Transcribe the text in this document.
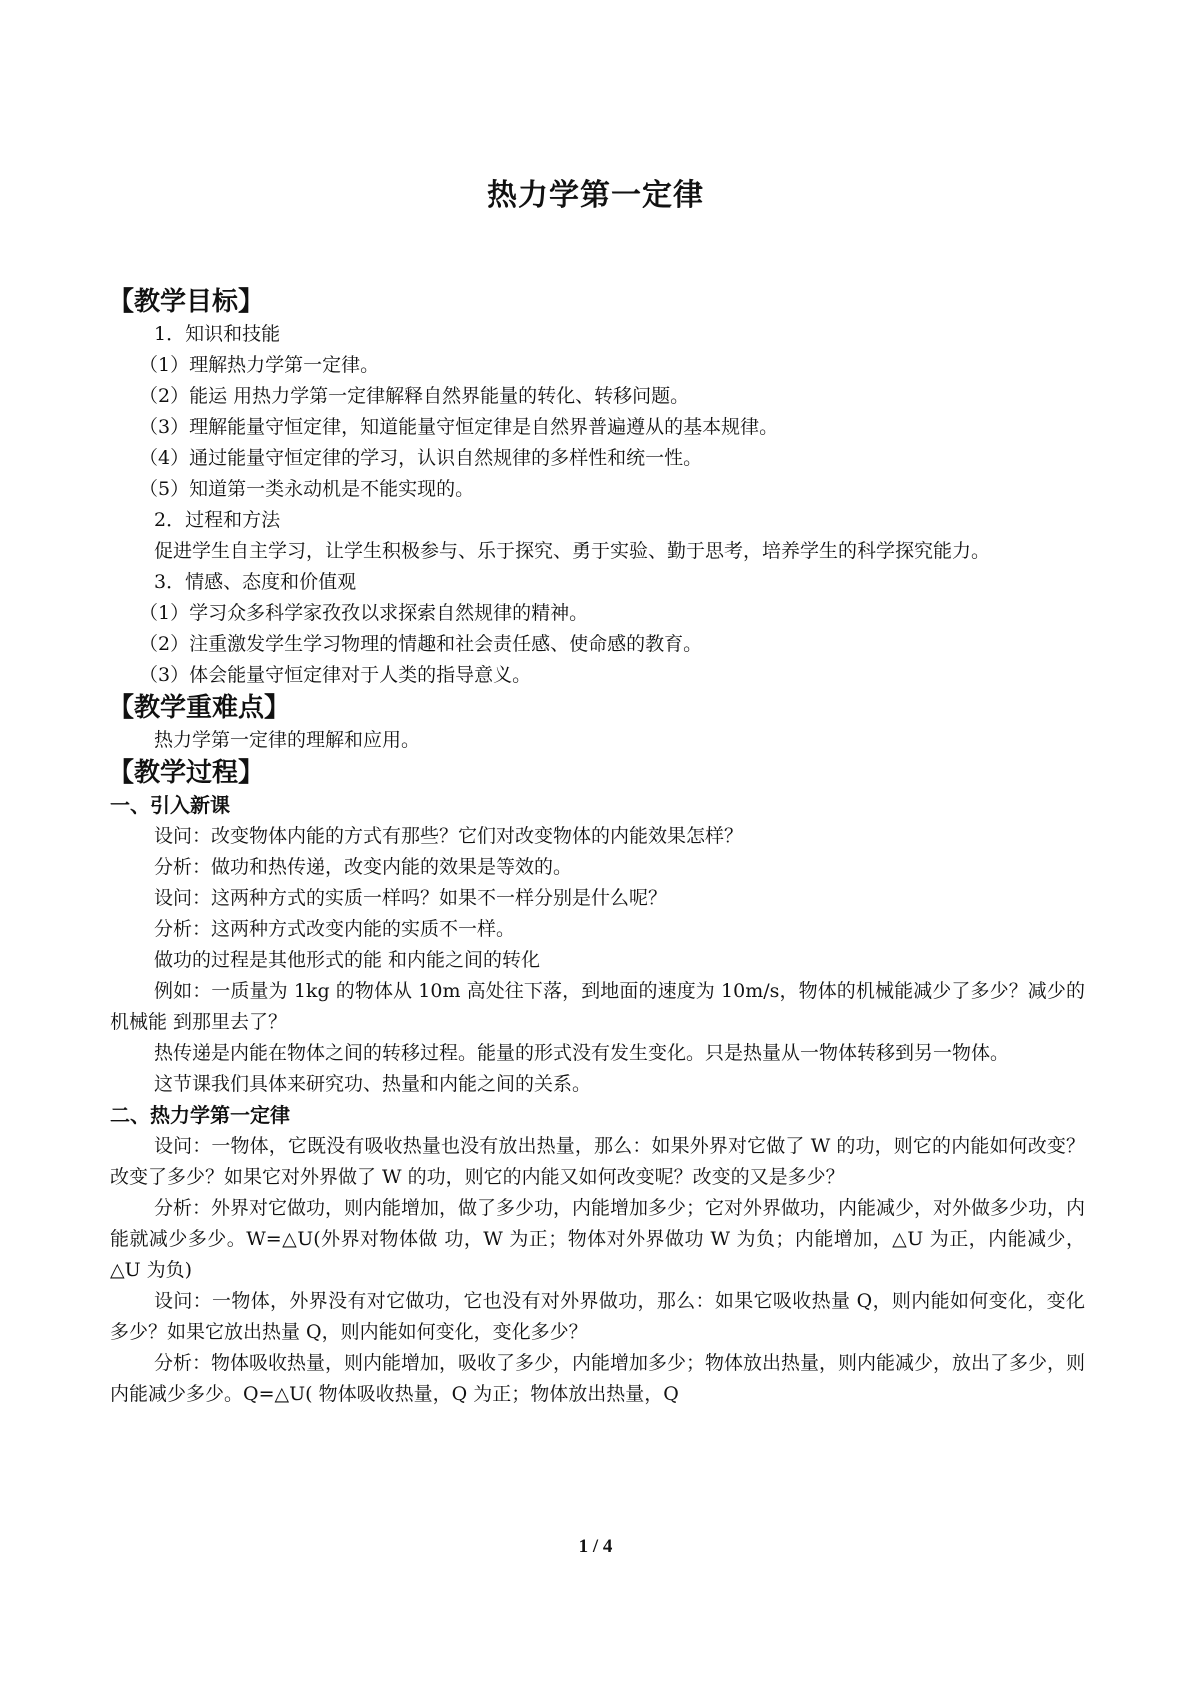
热力学第一定律
【教学目标】
1．知识和技能
（1）理解热力学第一定律。
（2）能运 用热力学第一定律解释自然界能量的转化、转移问题。
（3）理解能量守恒定律，知道能量守恒定律是自然界普遍遵从的基本规律。
（4）通过能量守恒定律的学习，认识自然规律的多样性和统一性。
（5）知道第一类永动机是不能实现的。
2．过程和方法
促进学生自主学习，让学生积极参与、乐于探究、勇于实验、勤于思考，培养学生的科学探究能力。
3．情感、态度和价值观
（1）学习众多科学家孜孜以求探索自然规律的精神。
（2）注重激发学生学习物理的情趣和社会责任感、使命感的教育。
（3）体会能量守恒定律对于人类的指导意义。
【教学重难点】
热力学第一定律的理解和应用。
【教学过程】
一、引入新课
设问：改变物体内能的方式有那些？它们对改变物体的内能效果怎样？
分析：做功和热传递，改变内能的效果是等效的。
设问：这两种方式的实质一样吗？如果不一样分别是什么呢？
分析：这两种方式改变内能的实质不一样。
做功的过程是其他形式的能 和内能之间的转化
例如：一质量为 1kg 的物体从 10m 高处往下落，到地面的速度为 10m/s，物体的机械能减少了多少？减少的机械能 到那里去了？
热传递是内能在物体之间的转移过程。能量的形式没有发生变化。只是热量从一物体转移到另一物体。
这节课我们具体来研究功、热量和内能之间的关系。
二、热力学第一定律
设问：一物体，它既没有吸收热量也没有放出热量，那么：如果外界对它做了 W 的功，则它的内能如何改变？改变了多少？如果它对外界做了 W 的功，则它的内能又如何改变呢？改变的又是多少？
分析：外界对它做功，则内能增加，做了多少功，内能增加多少；它对外界做功，内能减少，对外做多少功，内能就减少多少。W=△U(外界对物体做 功，W 为正；物体对外界做功 W 为负；内能增加，△U 为正，内能减少，△U 为负)
设问：一物体，外界没有对它做功，它也没有对外界做功，那么：如果它吸收热量 Q，则内能如何变化，变化多少？如果它放出热量 Q，则内能如何变化，变化多少？
分析：物体吸收热量，则内能增加，吸收了多少，内能增加多少；物体放出热量，则内能减少，放出了多少，则内能减少多少。Q=△U( 物体吸收热量，Q 为正；物体放出热量，Q
1 / 4
